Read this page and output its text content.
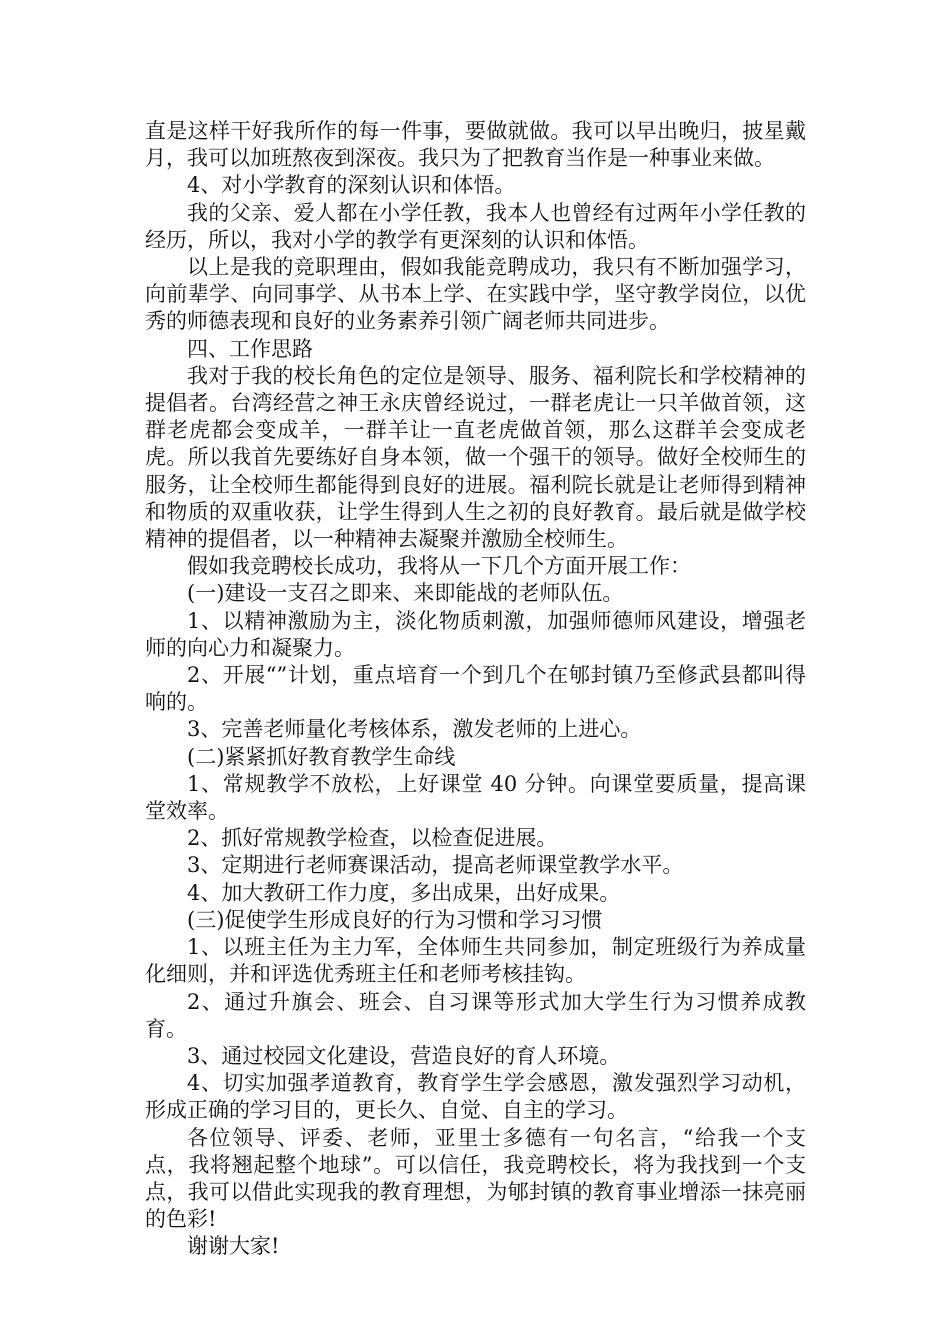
直是这样干好我所作的每一件事，要做就做。我可以早出晚归，披星戴月，我可以加班熬夜到深夜。我只为了把教育当作是一种事业来做。

4、对小学教育的深刻认识和体悟。

我的父亲、爱人都在小学任教，我本人也曾经有过两年小学任教的经历，所以，我对小学的教学有更深刻的认识和体悟。

以上是我的竞职理由，假如我能竞聘成功，我只有不断加强学习，向前辈学、向同事学、从书本上学、在实践中学，坚守教学岗位，以优秀的师德表现和良好的业务素养引领广阔老师共同进步。

四、工作思路

我对于我的校长角色的定位是领导、服务、福利院长和学校精神的提倡者。台湾经营之神王永庆曾经说过，一群老虎让一只羊做首领，这群老虎都会变成羊，一群羊让一直老虎做首领，那么这群羊会变成老虎。所以我首先要练好自身本领，做一个强干的领导。做好全校师生的服务，让全校师生都能得到良好的进展。福利院长就是让老师得到精神和物质的双重收获，让学生得到人生之初的良好教育。最后就是做学校精神的提倡者，以一种精神去凝聚并激励全校师生。

假如我竞聘校长成功，我将从一下几个方面开展工作：

(一)建设一支召之即来、来即能战的老师队伍。

1、以精神激励为主，淡化物质刺激，加强师德师风建设，增强老师的向心力和凝聚力。

2、开展“”计划，重点培育一个到几个在郇封镇乃至修武县都叫得响的。

3、完善老师量化考核体系，激发老师的上进心。

(二)紧紧抓好教育教学生命线

1、常规教学不放松，上好课堂 40 分钟。向课堂要质量，提高课堂效率。

2、抓好常规教学检查，以检查促进展。

3、定期进行老师赛课活动，提高老师课堂教学水平。

4、加大教研工作力度，多出成果，出好成果。

(三)促使学生形成良好的行为习惯和学习习惯

1、以班主任为主力军，全体师生共同参加，制定班级行为养成量化细则，并和评选优秀班主任和老师考核挂钩。

2、通过升旗会、班会、自习课等形式加大学生行为习惯养成教育。

3、通过校园文化建设，营造良好的育人环境。

4、切实加强孝道教育，教育学生学会感恩，激发强烈学习动机，形成正确的学习目的，更长久、自觉、自主的学习。

各位领导、评委、老师，亚里士多德有一句名言，“给我一个支点，我将翘起整个地球”。可以信任，我竞聘校长，将为我找到一个支点，我可以借此实现我的教育理想，为郇封镇的教育事业增添一抹亮丽的色彩!

谢谢大家!
